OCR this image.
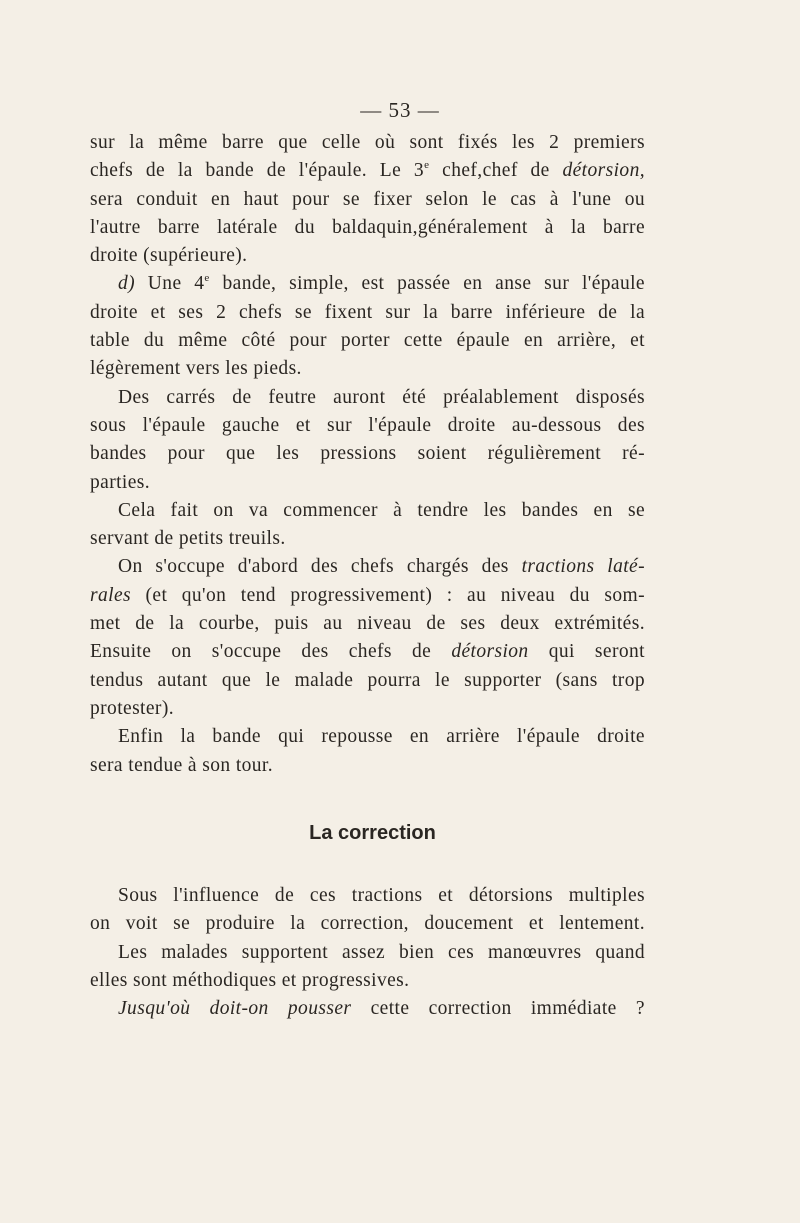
— 53 —
sur la même barre que celle où sont fixés les 2 premiers
chefs de la bande de l'épaule. Le 3e chef,chef de détorsion,
sera conduit en haut pour se fixer selon le cas à l'une ou
l'autre barre latérale du baldaquin,généralement à la barre
droite (supérieure).
d) Une 4e bande, simple, est passée en anse sur l'épaule
droite et ses 2 chefs se fixent sur la barre inférieure de la
table du même côté pour porter cette épaule en arrière, et
légèrement vers les pieds.
Des carrés de feutre auront été préalablement disposés
sous l'épaule gauche et sur l'épaule droite au-dessous des
bandes pour que les pressions soient régulièrement ré-
parties.
Cela fait on va commencer à tendre les bandes en se
servant de petits treuils.
On s'occupe d'abord des chefs chargés des tractions laté-
rales (et qu'on tend progressivement) : au niveau du som-
met de la courbe, puis au niveau de ses deux extrémités.
Ensuite on s'occupe des chefs de détorsion qui seront
tendus autant que le malade pourra le supporter (sans trop
protester).
Enfin la bande qui repousse en arrière l'épaule droite
sera tendue à son tour.
La correction
Sous l'influence de ces tractions et détorsions multiples
on voit se produire la correction, doucement et lentement.
Les malades supportent assez bien ces manœuvres quand
elles sont méthodiques et progressives.
Jusqu'où doit-on pousser cette correction immédiate ?
